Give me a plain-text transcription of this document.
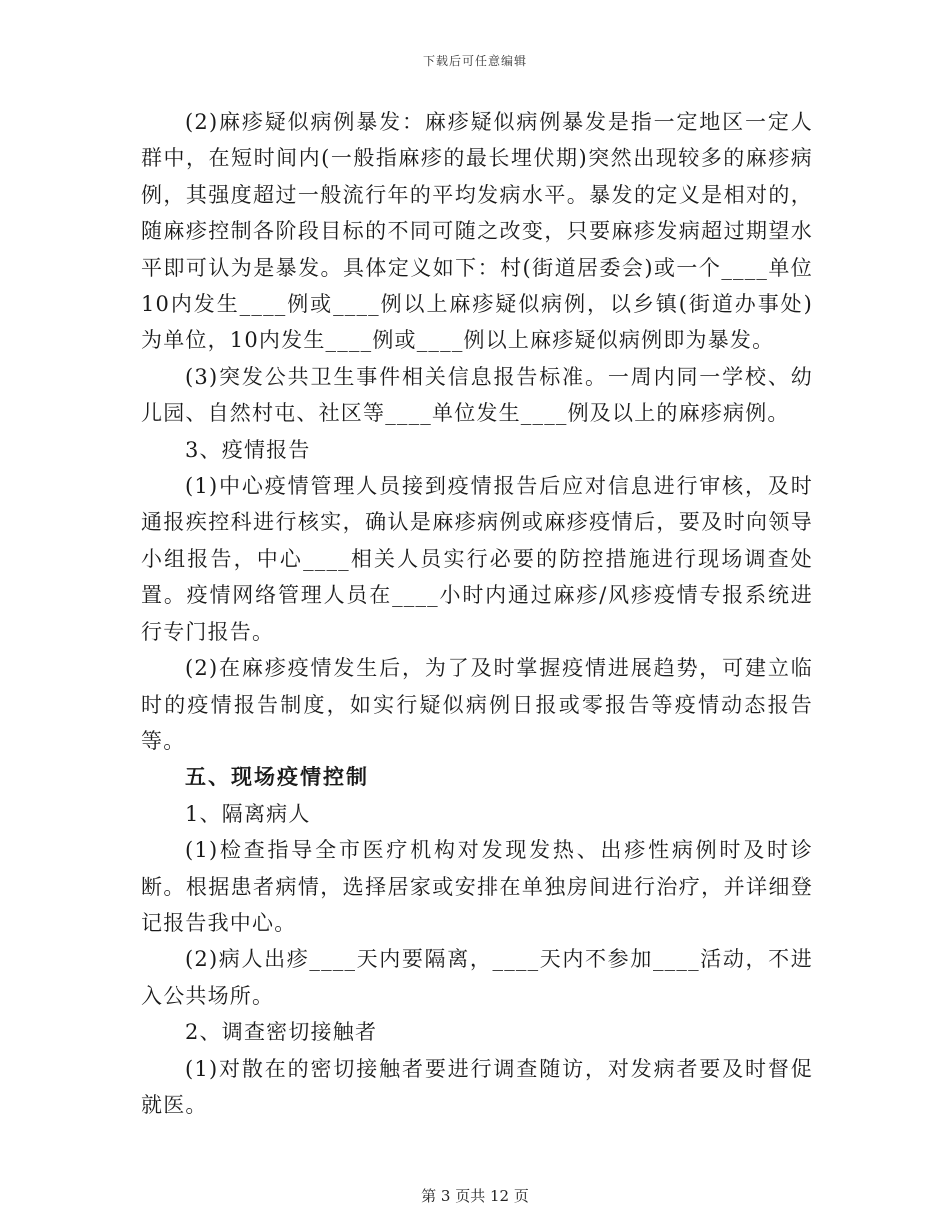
下载后可任意编辑

(2)麻疹疑似病例暴发：麻疹疑似病例暴发是指一定地区一定人群中，在短时间内(一般指麻疹的最长埋伏期)突然出现较多的麻疹病例，其强度超过一般流行年的平均发病水平。暴发的定义是相对的，随麻疹控制各阶段目标的不同可随之改变，只要麻疹发病超过期望水平即可认为是暴发。具体定义如下：村(街道居委会)或一个____单位10内发生____例或____例以上麻疹疑似病例，以乡镇(街道办事处)为单位，10内发生____例或____例以上麻疹疑似病例即为暴发。

(3)突发公共卫生事件相关信息报告标准。一周内同一学校、幼儿园、自然村屯、社区等____单位发生____例及以上的麻疹病例。

3、疫情报告

(1)中心疫情管理人员接到疫情报告后应对信息进行审核，及时通报疾控科进行核实，确认是麻疹病例或麻疹疫情后，要及时向领导小组报告，中心____相关人员实行必要的防控措施进行现场调查处置。疫情网络管理人员在____小时内通过麻疹/风疹疫情专报系统进行专门报告。

(2)在麻疹疫情发生后，为了及时掌握疫情进展趋势，可建立临时的疫情报告制度，如实行疑似病例日报或零报告等疫情动态报告等。

五、现场疫情控制

1、隔离病人

(1)检查指导全市医疗机构对发现发热、出疹性病例时及时诊断。根据患者病情，选择居家或安排在单独房间进行治疗，并详细登记报告我中心。

(2)病人出疹____天内要隔离，____天内不参加____活动，不进入公共场所。

2、调查密切接触者

(1)对散在的密切接触者要进行调查随访，对发病者要及时督促就医。

第 3 页共 12 页
